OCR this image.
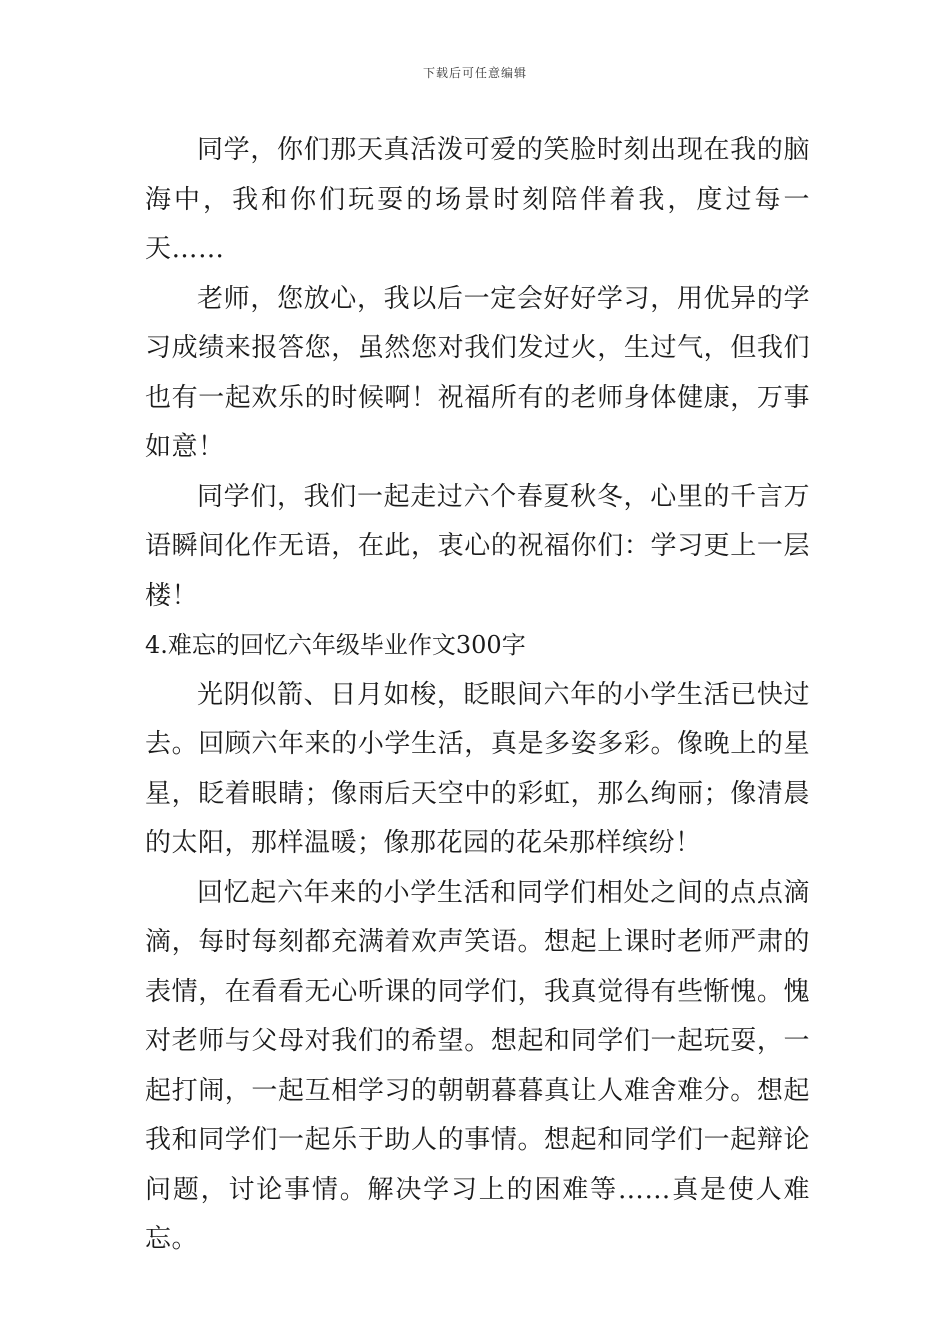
下载后可任意编辑

同学，你们那天真活泼可爱的笑脸时刻出现在我的脑海中，我和你们玩耍的场景时刻陪伴着我，度过每一天……

老师，您放心，我以后一定会好好学习，用优异的学习成绩来报答您，虽然您对我们发过火，生过气，但我们也有一起欢乐的时候啊！祝福所有的老师身体健康，万事如意！

同学们，我们一起走过六个春夏秋冬，心里的千言万语瞬间化作无语，在此，衷心的祝福你们：学习更上一层楼！

4.难忘的回忆六年级毕业作文300字

光阴似箭、日月如梭，眨眼间六年的小学生活已快过去。回顾六年来的小学生活，真是多姿多彩。像晚上的星星，眨着眼睛；像雨后天空中的彩虹，那么绚丽；像清晨的太阳，那样温暖；像那花园的花朵那样缤纷！

回忆起六年来的小学生活和同学们相处之间的点点滴滴，每时每刻都充满着欢声笑语。想起上课时老师严肃的表情，在看看无心听课的同学们，我真觉得有些惭愧。愧对老师与父母对我们的希望。想起和同学们一起玩耍，一起打闹，一起互相学习的朝朝暮暮真让人难舍难分。想起我和同学们一起乐于助人的事情。想起和同学们一起辩论问题，讨论事情。解决学习上的困难等……真是使人难忘。
